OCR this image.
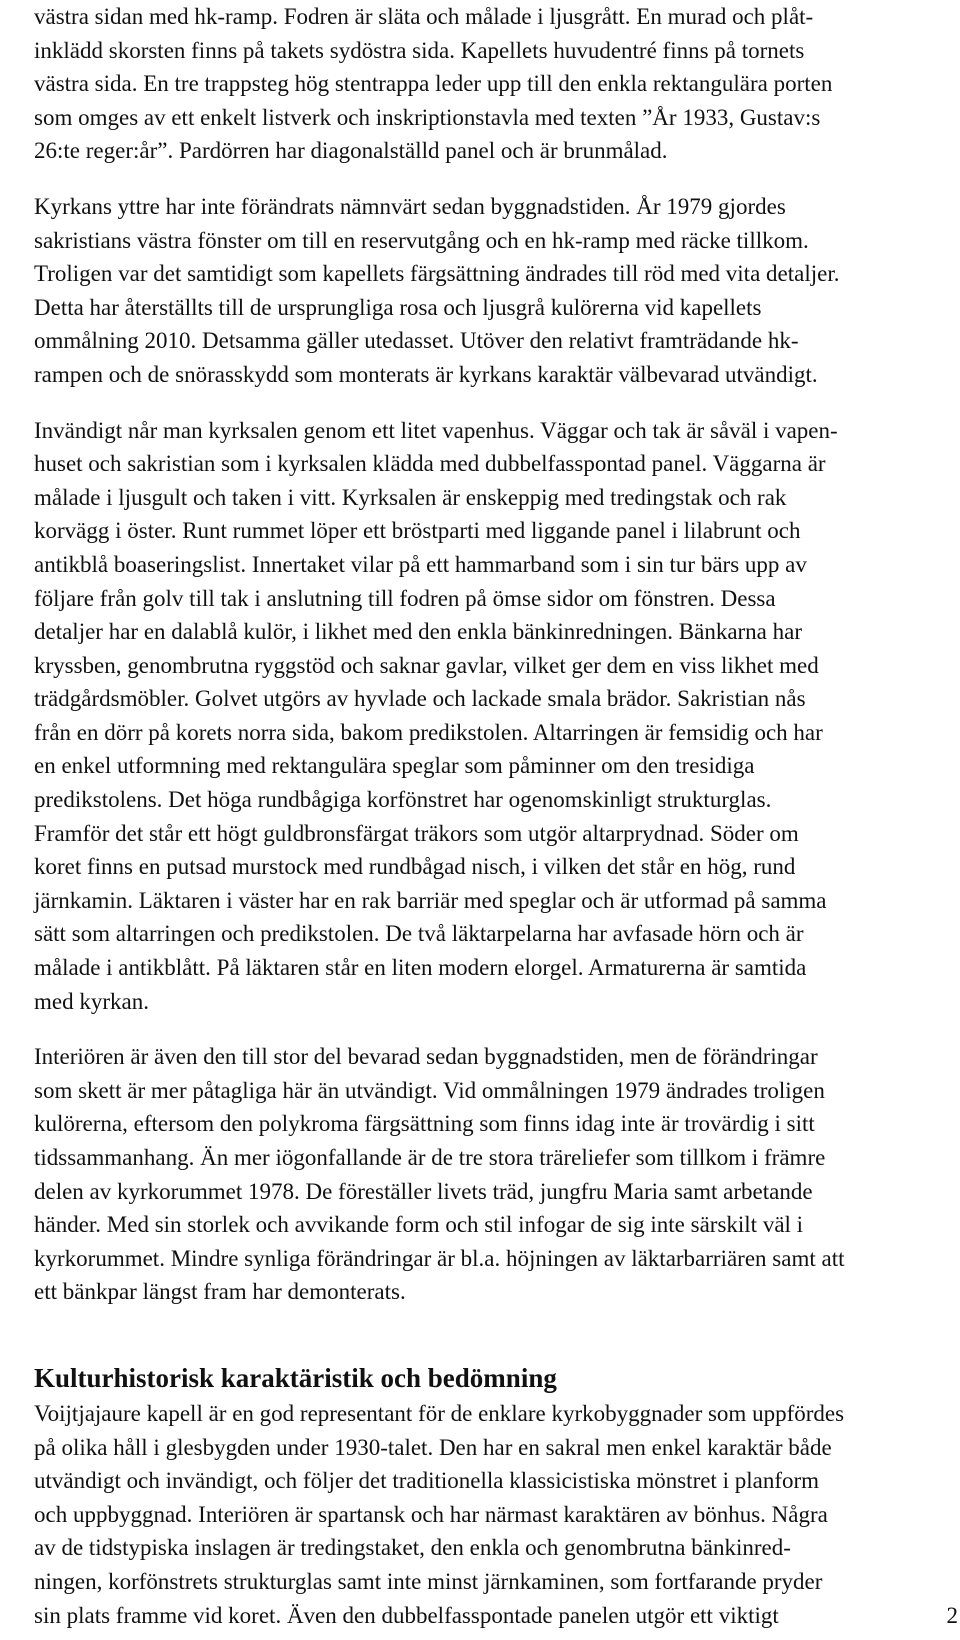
västra sidan med hk-ramp. Fodren är släta och målade i ljusgrått. En murad och plåt-
inklädd skorsten finns på takets sydöstra sida. Kapellets huvudentré finns på tornets
västra sida. En tre trappsteg hög stentrappa leder upp till den enkla rektangulära porten
som omges av ett enkelt listverk och inskriptionstavla med texten ”År 1933, Gustav:s
26:te reger:år”. Pardörren har diagonalställd panel och är brunmålad.
Kyrkans yttre har inte förändrats nämnvärt sedan byggnadstiden. År 1979 gjordes
sakristians västra fönster om till en reservutgång och en hk-ramp med räcke tillkom.
Troligen var det samtidigt som kapellets färgsättning ändrades till röd med vita detaljer.
Detta har återställts till de ursprungliga rosa och ljusgrå kulörerna vid kapellets
ommålning 2010. Detsamma gäller utedasset. Utöver den relativt framträdande hk-
rampen och de snörasskydd som monterats är kyrkans karaktär välbevarad utvändigt.
Invändigt når man kyrksalen genom ett litet vapenhus. Väggar och tak är såväl i vapen-
huset och sakristian som i kyrksalen klädda med dubbelfasspontad panel. Väggarna är
målade i ljusgult och taken i vitt. Kyrksalen är enskeppig med tredingstak och rak
korvägg i öster. Runt rummet löper ett bröstparti med liggande panel i lilabrunt och
antikblå boaseringslist. Innertaket vilar på ett hammarband som i sin tur bärs upp av
följare från golv till tak i anslutning till fodren på ömse sidor om fönstren. Dessa
detaljer har en dalablå kulör, i likhet med den enkla bänkinredningen. Bänkarna har
kryssben, genombrutna ryggstöd och saknar gavlar, vilket ger dem en viss likhet med
trädgårdsmöbler. Golvet utgörs av hyvlade och lackade smala brädor. Sakristian nås
från en dörr på korets norra sida, bakom predikstolen. Altarringen är femsidig och har
en enkel utformning med rektangulära speglar som påminner om den tresidiga
predikstolens. Det höga rundbågiga korfönstret har ogenomskinligt strukturglas.
Framför det står ett högt guldbronsfärgat träkors som utgör altarprydnad. Söder om
koret finns en putsad murstock med rundbågad nisch, i vilken det står en hög, rund
järnkamin. Läktaren i väster har en rak barriär med speglar och är utformad på samma
sätt som altarringen och predikstolen. De två läktarpelarna har avfasade hörn och är
målade i antikblått. På läktaren står en liten modern elorgel. Armaturerna är samtida
med kyrkan.
Interiören är även den till stor del bevarad sedan byggnadstiden, men de förändringar
som skett är mer påtagliga här än utvändigt. Vid ommålningen 1979 ändrades troligen
kulörerna, eftersom den polykroma färgsättning som finns idag inte är trovärdig i sitt
tidssammanhang. Än mer iögonfallande är de tre stora träreliefer som tillkom i främre
delen av kyrkorummet 1978. De föreställer livets träd, jungfru Maria samt arbetande
händer. Med sin storlek och avvikande form och stil infogar de sig inte särskilt väl i
kyrkorummet. Mindre synliga förändringar är bl.a. höjningen av läktarbarriären samt att
ett bänkpar längst fram har demonterats.
Kulturhistorisk karaktäristik och bedömning
Voijtjajaure kapell är en god representant för de enklare kyrkobyggnader som uppfördes
på olika håll i glesbygden under 1930-talet. Den har en sakral men enkel karaktär både
utvändigt och invändigt, och följer det traditionella klassicistiska mönstret i planform
och uppbyggnad. Interiören är spartansk och har närmast karaktären av bönhus. Några
av de tidstypiska inslagen är tredingstaket, den enkla och genombrutna bänkinred-
ningen, korfönstrets strukturglas samt inte minst järnkaminen, som fortfarande pryder
sin plats framme vid koret. Även den dubbelfasspontade panelen utgör ett viktigt	2
